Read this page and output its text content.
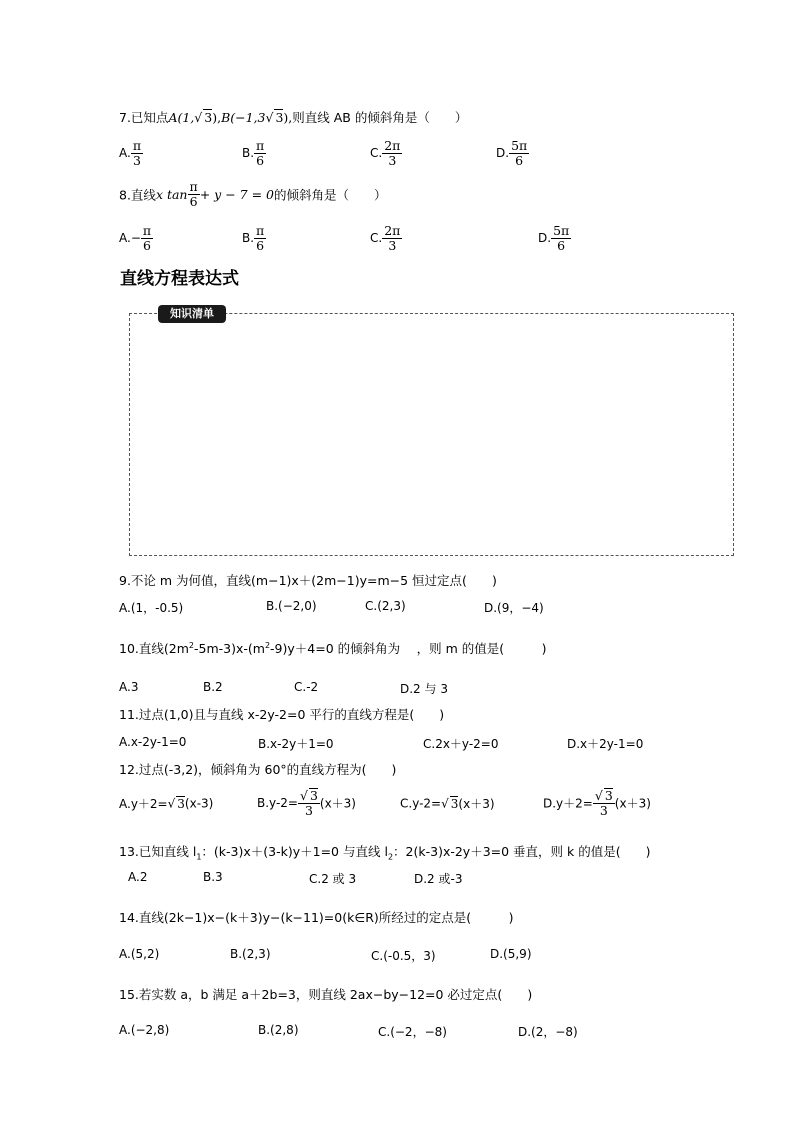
7.已知点A(1,√ 3),B(−1,3√ 3),则直线 AB 的倾斜角是（　　）
A. $\frac{\pi}{3}$	B. $\frac{\pi}{6}$	C. $\frac{2\pi}{3}$	D. $\frac{5\pi}{6}$
8.直线x $\tan \frac{\pi}{6} + y - 7 = 0$的倾斜角是（　　）
$A.- \frac{\pi}{6}$	B. $\frac{\pi}{6}$	C. $\frac{2\pi}{3}$	D. $\frac{5\pi}{6}$
直线方程表达式
知识清单
9.不论 m 为何值，直线(m−1)x＋(2m−1)y=m−5 恒过定点(　　)
A.(1，-0.5)	B.(−2,0)	C.(2,3)	D.(9，−4)
10.直线$(2m^2-5m-3)x-(m^2-9)y+4=0$ 的倾斜角为　 ，则 m 的值是(　　　)
A.3	B.2	C.-2	D.2 与 3
11.过点(1,0)且与直线 x-2y-2=0 平行的直线方程是(　　)
A.x-2y-1=0	B.x-2y＋1=0	C.2x＋y-2=0	D.x＋2y-1=0
12.过点(-3,2)，倾斜角为 60°的直线方程为(　　)
A.y＋2=√ 3(x-3)	$B.y-2= \frac{√ 3}{3} (x+3)$	C.y-2=√ 3(x＋3)	$D.y+2= \frac{√ 3}{3} (x+3)$
13.已知直线 $l_1$：(k-3)x＋(3-k)y＋1=0 与直线 $l_2$：2(k-3)x-2y＋3=0 垂直，则 k 的值是(　　)
A.2	B.3	C.2 或 3	D.2 或-3
14.直线(2k−1)x−(k＋3)y−(k−11)=0(k∈R)所经过的定点是(　　　)
A.(5,2)	B.(2,3)	C.(-0.5，3)	D.(5,9)
15.若实数 a，b 满足 a＋2b=3，则直线 2ax−by−12=0 必过定点(　　)
A.(−2,8)	B.(2,8)	C.(−2，−8)	D.(2，−8)
